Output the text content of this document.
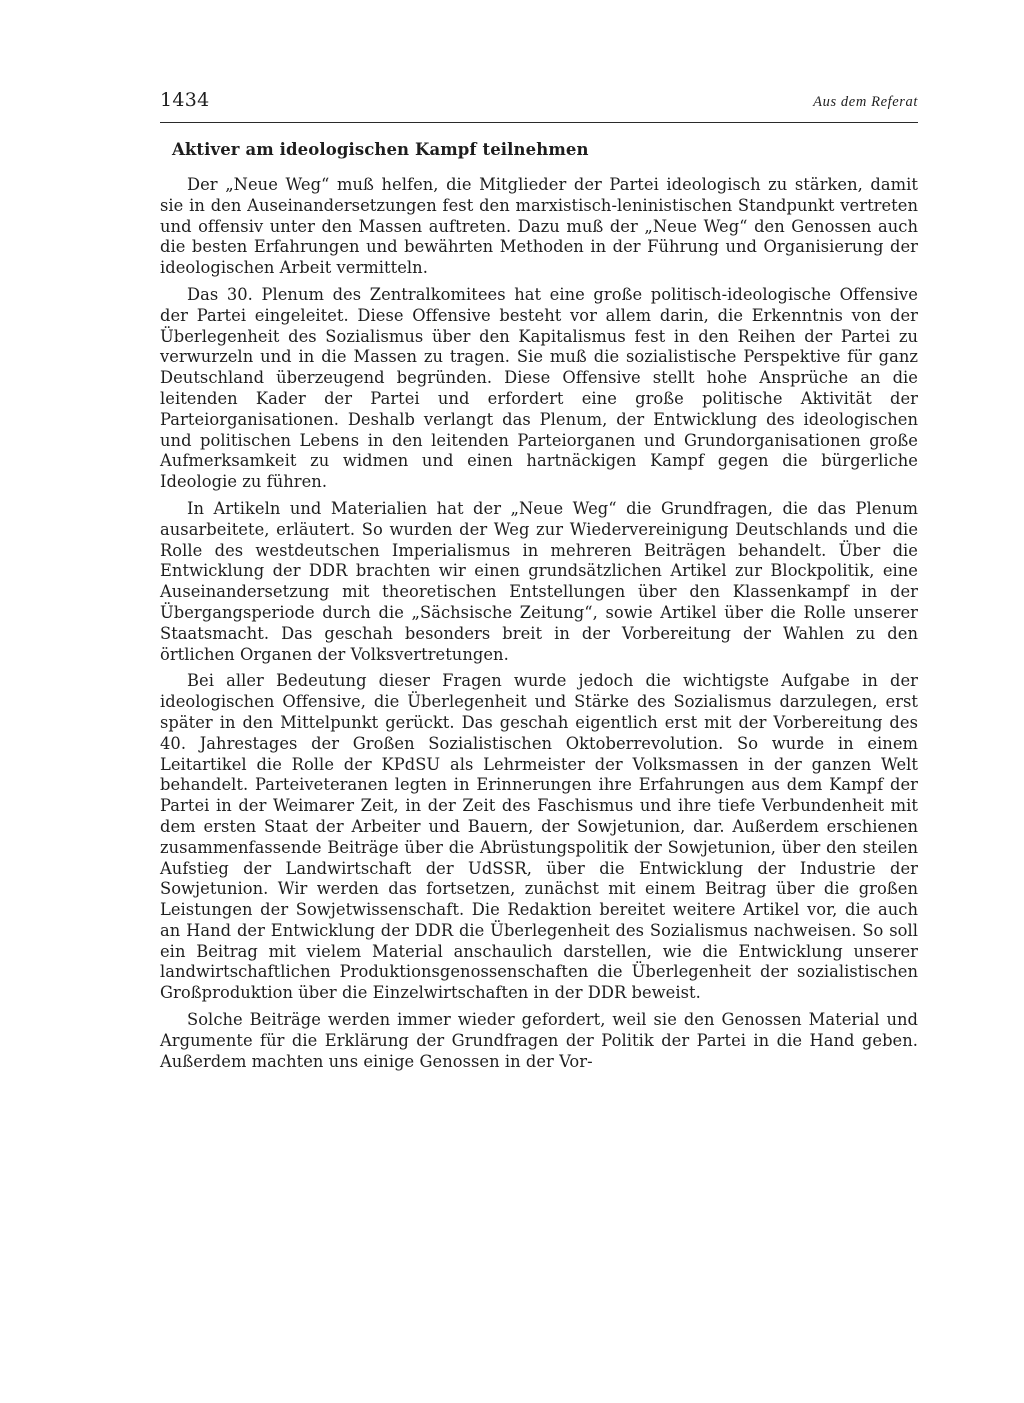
1434	Aus dem Referat
Aktiver am ideologischen Kampf teilnehmen

Der „Neue Weg“ muß helfen, die Mitglieder der Partei ideologisch zu stärken, damit sie in den Auseinandersetzungen fest den marxistisch-leninistischen Standpunkt vertreten und offensiv unter den Massen auftreten. Dazu muß der „Neue Weg“ den Genossen auch die besten Erfahrungen und bewährten Methoden in der Führung und Organisierung der ideologischen Arbeit vermitteln.

Das 30. Plenum des Zentralkomitees hat eine große politisch-ideologische Offensive der Partei eingeleitet. Diese Offensive besteht vor allem darin, die Erkenntnis von der Überlegenheit des Sozialismus über den Kapitalismus fest in den Reihen der Partei zu verwurzeln und in die Massen zu tragen. Sie muß die sozialistische Perspektive für ganz Deutschland überzeugend begründen. Diese Offensive stellt hohe Ansprüche an die leitenden Kader der Partei und erfordert eine große politische Aktivität der Parteiorganisationen. Deshalb verlangt das Plenum, der Entwicklung des ideologischen und politischen Lebens in den leitenden Parteiorganen und Grundorganisationen große Aufmerksamkeit zu widmen und einen hartnäckigen Kampf gegen die bürgerliche Ideologie zu führen.

In Artikeln und Materialien hat der „Neue Weg“ die Grundfragen, die das Plenum ausarbeitete, erläutert. So wurden der Weg zur Wiedervereinigung Deutschlands und die Rolle des westdeutschen Imperialismus in mehreren Beiträgen behandelt. Über die Entwicklung der DDR brachten wir einen grundsätzlichen Artikel zur Blockpolitik, eine Auseinandersetzung mit theoretischen Entstellungen über den Klassenkampf in der Übergangsperiode durch die „Sächsische Zeitung“, sowie Artikel über die Rolle unserer Staatsmacht. Das geschah besonders breit in der Vorbereitung der Wahlen zu den örtlichen Organen der Volksvertretungen.

Bei aller Bedeutung dieser Fragen wurde jedoch die wichtigste Aufgabe in der ideologischen Offensive, die Überlegenheit und Stärke des Sozialismus darzulegen, erst später in den Mittelpunkt gerückt. Das geschah eigentlich erst mit der Vorbereitung des 40. Jahrestages der Großen Sozialistischen Oktoberrevolution. So wurde in einem Leitartikel die Rolle der KPdSU als Lehrmeister der Volksmassen in der ganzen Welt behandelt. Parteiveteranen legten in Erinnerungen ihre Erfahrungen aus dem Kampf der Partei in der Weimarer Zeit, in der Zeit des Faschismus und ihre tiefe Verbundenheit mit dem ersten Staat der Arbeiter und Bauern, der Sowjetunion, dar. Außerdem erschienen zusammenfassende Beiträge über die Abrüstungspolitik der Sowjetunion, über den steilen Aufstieg der Landwirtschaft der UdSSR, über die Entwicklung der Industrie der Sowjetunion. Wir werden das fortsetzen, zunächst mit einem Beitrag über die großen Leistungen der Sowjetwissenschaft. Die Redaktion bereitet weitere Artikel vor, die auch an Hand der Entwicklung der DDR die Überlegenheit des Sozialismus nachweisen. So soll ein Beitrag mit vielem Material anschaulich darstellen, wie die Entwicklung unserer landwirtschaftlichen Produktionsgenossenschaften die Überlegenheit der sozialistischen Großproduktion über die Einzelwirtschaften in der DDR beweist.

Solche Beiträge werden immer wieder gefordert, weil sie den Genossen Material und Argumente für die Erklärung der Grundfragen der Politik der Partei in die Hand geben. Außerdem machten uns einige Genossen in der Vor-
